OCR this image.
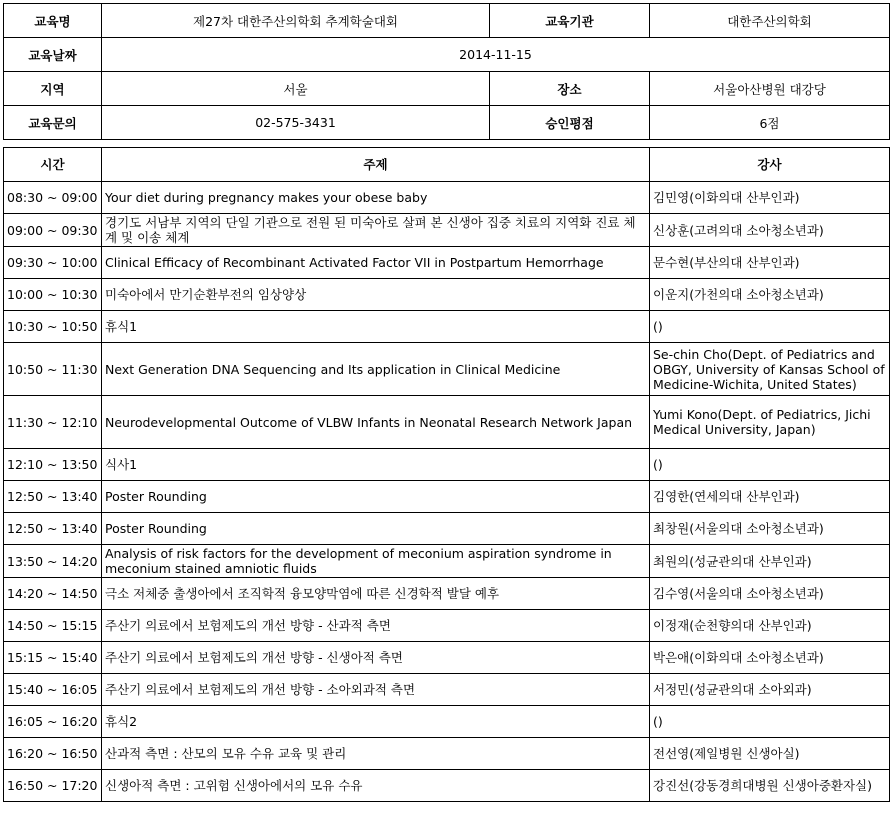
교육명	제27차 대한주산의학회 추계학술대회	교육기관	대한주산의학회
교육날짜	2014-11-15		
지역	서울	장소	서울아산병원 대강당
교육문의	02-575-3431	승인평점	6점
시간	주제	강사
08:30 ~ 09:00	Your diet during pregnancy makes your obese baby	김민영(이화의대 산부인과)
09:00 ~ 09:30	경기도 서남부 지역의 단일 기관으로 전원 된 미숙아로 살펴 본 신생아 집중 치료의 지역화 진료 체계 및 이송 체계	신상훈(고려의대 소아청소년과)
09:30 ~ 10:00	Clinical Efficacy of Recombinant Activated Factor VII in Postpartum Hemorrhage	문수현(부산의대 산부인과)
10:00 ~ 10:30	미숙아에서 만기순환부전의 임상양상	이운지(가천의대 소아청소년과)
10:30 ~ 10:50	휴식1	()
10:50 ~ 11:30	Next Generation DNA Sequencing and Its application in Clinical Medicine	Se-chin Cho(Dept. of Pediatrics and OBGY, University of Kansas School of Medicine-Wichita, United States)
11:30 ~ 12:10	Neurodevelopmental Outcome of VLBW Infants in Neonatal Research Network Japan	Yumi Kono(Dept. of Pediatrics, Jichi Medical University, Japan)
12:10 ~ 13:50	식사1	()
12:50 ~ 13:40	Poster Rounding	김영한(연세의대 산부인과)
12:50 ~ 13:40	Poster Rounding	최창원(서울의대 소아청소년과)
13:50 ~ 14:20	Analysis of risk factors for the development of meconium aspiration syndrome in meconium stained amniotic fluids	최원의(성균관의대 산부인과)
14:20 ~ 14:50	극소 저체중 출생아에서 조직학적 융모양막염에 따른 신경학적 발달 예후	김수영(서울의대 소아청소년과)
14:50 ~ 15:15	주산기 의료에서 보험제도의 개선 방향 - 산과적 측면	이정재(순천향의대 산부인과)
15:15 ~ 15:40	주산기 의료에서 보험제도의 개선 방향 - 신생아적 측면	박은애(이화의대 소아청소년과)
15:40 ~ 16:05	주산기 의료에서 보험제도의 개선 방향 - 소아외과적 측면	서정민(성균관의대 소아외과)
16:05 ~ 16:20	휴식2	()
16:20 ~ 16:50	산과적 측면 : 산모의 모유 수유 교육 및 관리	전선영(제일병원 신생아실)
16:50 ~ 17:20	신생아적 측면 : 고위험 신생아에서의 모유 수유	강진선(강동경희대병원 신생아중환자실)
